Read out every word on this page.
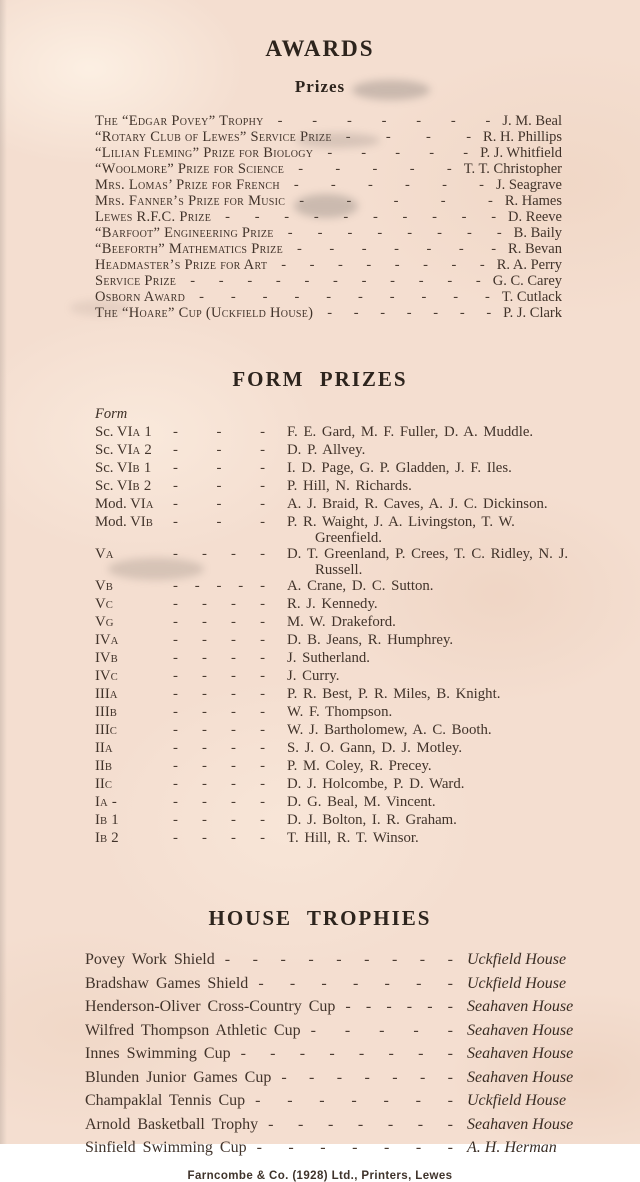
AWARDS
Prizes
The “Edgar Povey” Trophy - - - - - - - J. M. Beal
“Rotary Club of Lewes” Service Prize - - - - R. H. Phillips
“Lilian Fleming” Prize for Biology - - - - - P. J. Whitfield
“Woolmore” Prize for Science - - - - - T. T. Christopher
Mrs. Lomas’ Prize for French - - - - - - J. Seagrave
Mrs. Fanner’s Prize for Music - - - - - R. Hames
Lewes R.F.C. Prize - - - - - - - - - - D. Reeve
“Barfoot” Engineering Prize - - - - - - - - B. Baily
“Beeforth” Mathematics Prize - - - - - - - R. Bevan
Headmaster’s Prize for Art - - - - - - - - R. A. Perry
Service Prize - - - - - - - - - - - G. C. Carey
Osborn Award - - - - - - - - - - T. Cutlack
The “Hoare” Cup (Uckfield House) - - - - - - - P. J. Clark
FORM PRIZES
Form
Sc. VIA 1	- - -	F. E. Gard, M. F. Fuller, D. A. Muddle.
Sc. VIA 2	- - -	D. P. Allvey.
Sc. VIB 1	- - -	I. D. Page, G. P. Gladden, J. F. Iles.
Sc. VIB 2	- - -	P. Hill, N. Richards.
Mod. VIA	- - -	A. J. Braid, R. Caves, A. J. C. Dickinson.
Mod. VIB	- - -	P. R. Waight, J. A. Livingston, T. W. Greenfield.
VA	- - - -	D. T. Greenland, P. Crees, T. C. Ridley, N. J. Russell.
VB	- - - - -	A. Crane, D. C. Sutton.
VC	- - - -	R. J. Kennedy.
VG	- - - -	M. W. Drakeford.
IVA	- - - -	D. B. Jeans, R. Humphrey.
IVB	- - - -	J. Sutherland.
IVC	- - - -	J. Curry.
IIIA	- - - -	P. R. Best, P. R. Miles, B. Knight.
IIIB	- - - -	W. F. Thompson.
IIIC	- - - -	W. J. Bartholomew, A. C. Booth.
IIA	- - - -	S. J. O. Gann, D. J. Motley.
IIB	- - - -	P. M. Coley, R. Precey.
IIC	- - - -	D. J. Holcombe, P. D. Ward.
IA -	- - - -	D. G. Beal, M. Vincent.
IB 1	- - - -	D. J. Bolton, I. R. Graham.
IB 2	- - - -	T. Hill, R. T. Winsor.
HOUSE TROPHIES
Povey Work Shield - - - - - - - - - Uckfield House
Bradshaw Games Shield - - - - - - - Uckfield House
Henderson-Oliver Cross-Country Cup - - - - - - Seahaven House
Wilfred Thompson Athletic Cup - - - - - Seahaven House
Innes Swimming Cup - - - - - - - - Seahaven House
Blunden Junior Games Cup - - - - - - - Seahaven House
Champaklal Tennis Cup - - - - - - - Uckfield House
Arnold Basketball Trophy - - - - - - - Seahaven House
Sinfield Swimming Cup - - - - - - - A. H. Herman
Farncombe & Co. (1928) Ltd., Printers, Lewes
